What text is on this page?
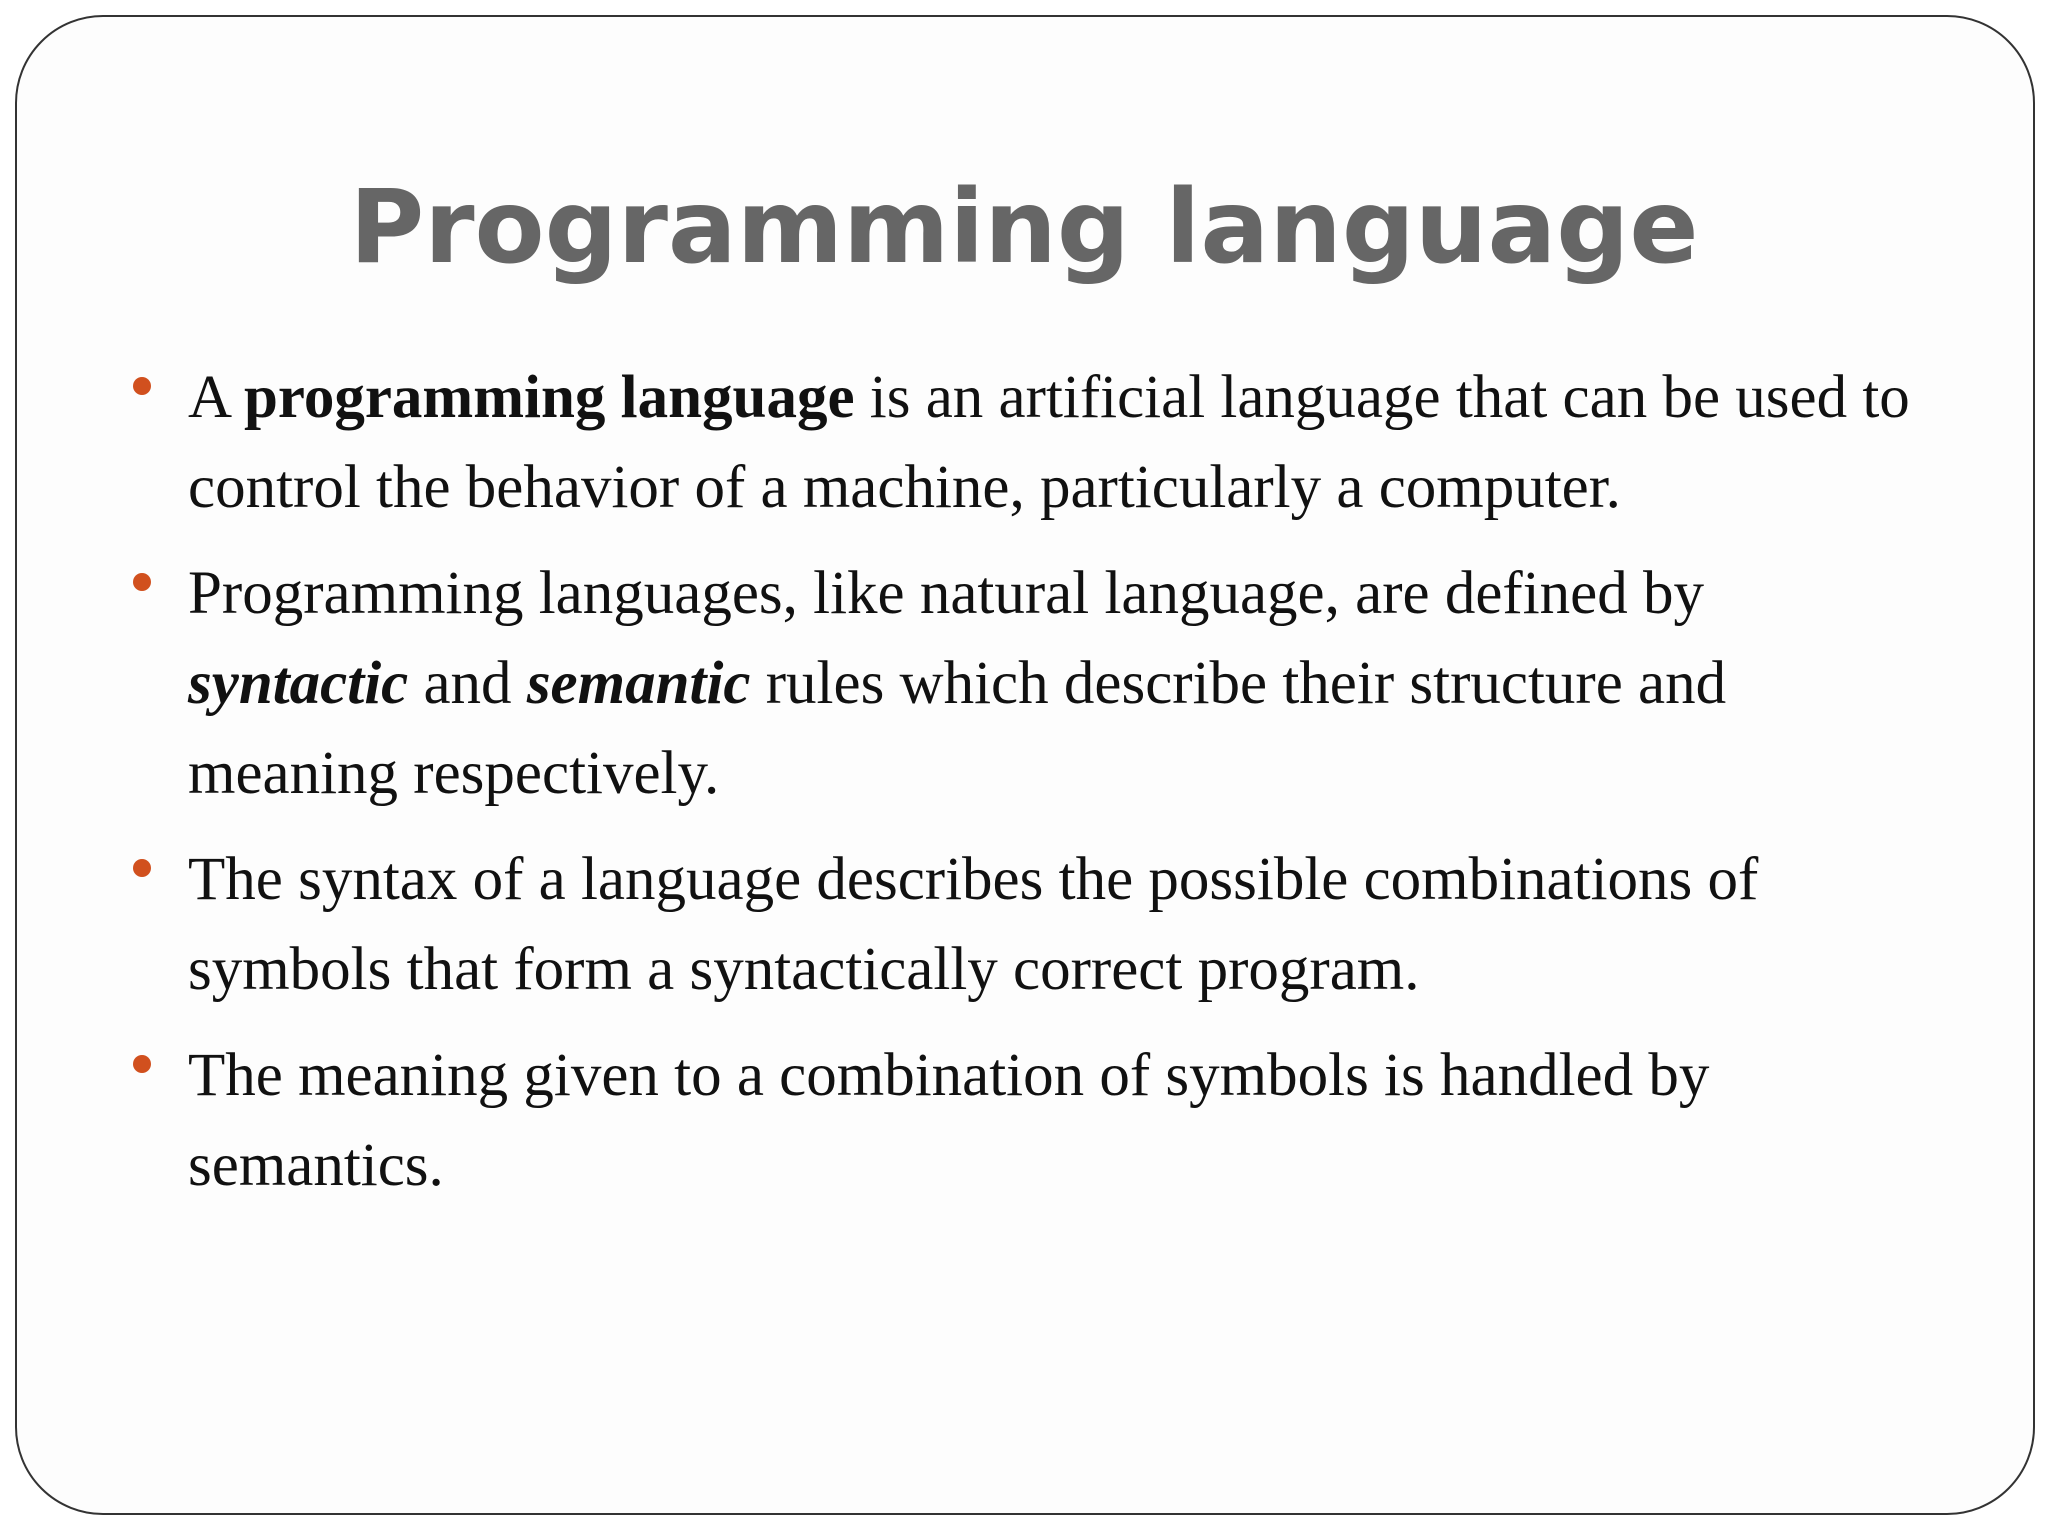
Programming language
A programming language is an artificial language that can be used to control the behavior of a machine, particularly a computer.
Programming languages, like natural language, are defined by syntactic and semantic rules which describe their structure and meaning respectively.
The syntax of a language describes the possible combinations of symbols that form a syntactically correct program.
The meaning given to a combination of symbols is handled by semantics.
